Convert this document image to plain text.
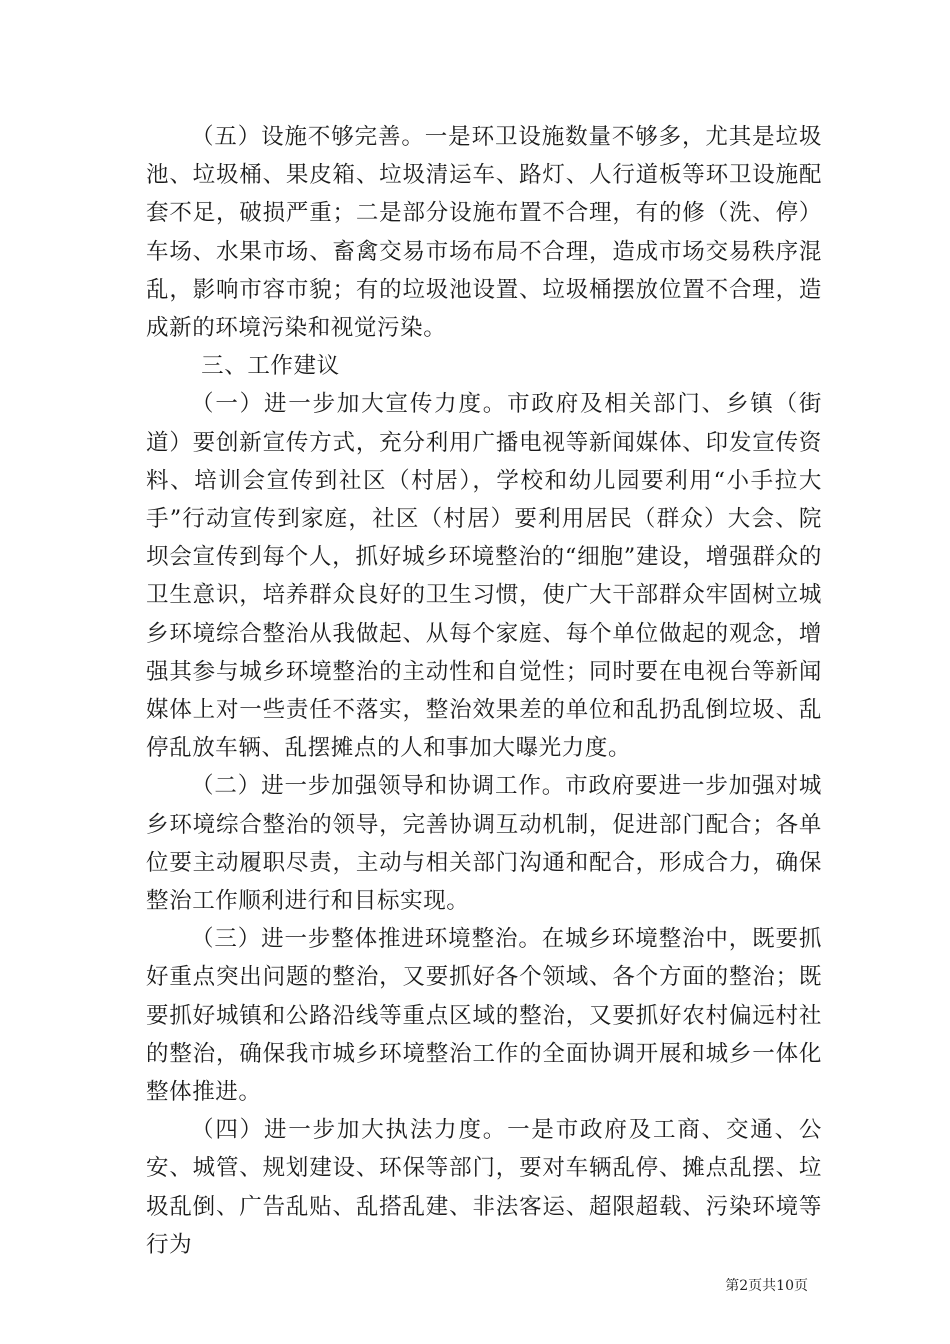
（五）设施不够完善。一是环卫设施数量不够多，尤其是垃圾池、垃圾桶、果皮箱、垃圾清运车、路灯、人行道板等环卫设施配套不足，破损严重；二是部分设施布置不合理，有的修（洗、停）车场、水果市场、畜禽交易市场布局不合理，造成市场交易秩序混乱，影响市容市貌；有的垃圾池设置、垃圾桶摆放位置不合理，造成新的环境污染和视觉污染。

三、工作建议

（一）进一步加大宣传力度。市政府及相关部门、乡镇（街道）要创新宣传方式，充分利用广播电视等新闻媒体、印发宣传资料、培训会宣传到社区（村居），学校和幼儿园要利用“小手拉大手”行动宣传到家庭，社区（村居）要利用居民（群众）大会、院坝会宣传到每个人，抓好城乡环境整治的“细胞”建设，增强群众的卫生意识，培养群众良好的卫生习惯，使广大干部群众牢固树立城乡环境综合整治从我做起、从每个家庭、每个单位做起的观念，增强其参与城乡环境整治的主动性和自觉性；同时要在电视台等新闻媒体上对一些责任不落实，整治效果差的单位和乱扔乱倒垃圾、乱停乱放车辆、乱摆摊点的人和事加大曝光力度。

（二）进一步加强领导和协调工作。市政府要进一步加强对城乡环境综合整治的领导，完善协调互动机制，促进部门配合；各单位要主动履职尽责，主动与相关部门沟通和配合，形成合力，确保整治工作顺利进行和目标实现。

（三）进一步整体推进环境整治。在城乡环境整治中，既要抓好重点突出问题的整治，又要抓好各个领域、各个方面的整治；既要抓好城镇和公路沿线等重点区域的整治，又要抓好农村偏远村社的整治，确保我市城乡环境整治工作的全面协调开展和城乡一体化整体推进。

（四）进一步加大执法力度。一是市政府及工商、交通、公安、城管、规划建设、环保等部门，要对车辆乱停、摊点乱摆、垃圾乱倒、广告乱贴、乱搭乱建、非法客运、超限超载、污染环境等行为

第2页共10页
